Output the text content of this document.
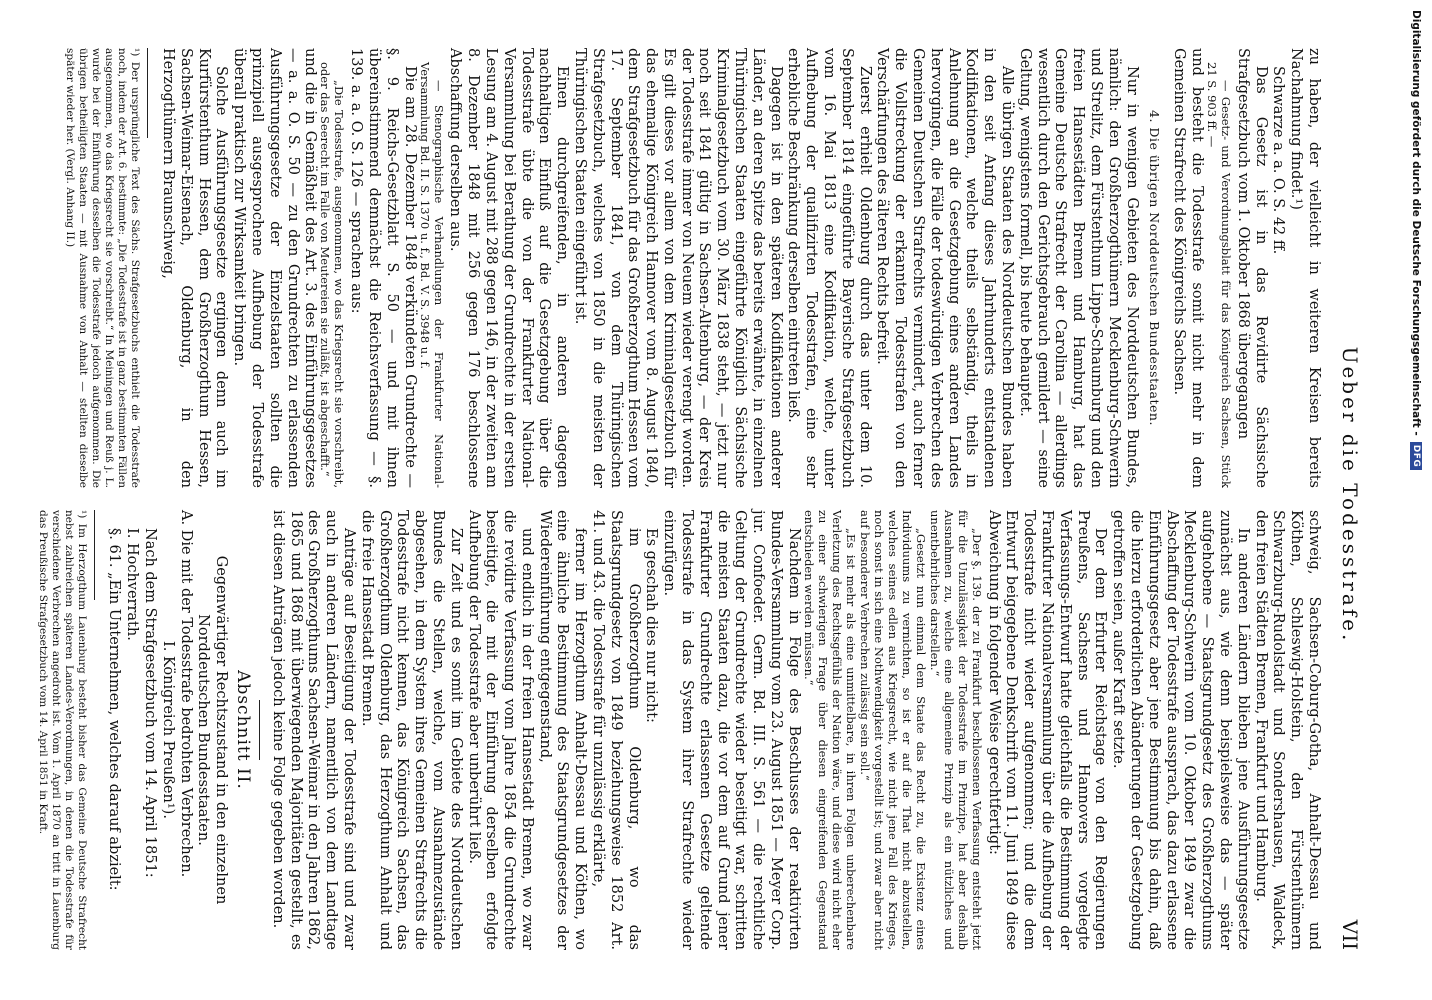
Ueber die Todesstrafe.
VII

zu haben, der vielleicht in weiteren Kreisen bereits Nachahmung findet.¹)

Schwarze a. a. O. S. 42 ff.

Das Gesetz ist in das Revidirte Sächsische Strafgesetzbuch vom 1. Oktober 1868 übergegangen

— Gesetz- und Verordnungsblatt für das Königreich Sachsen, Stück 21 S. 903 ff. —

und besteht die Todesstrafe somit nicht mehr in dem Gemeinen Strafrecht des Königreichs Sachsen.

4. Die übrigen Norddeutschen Bundesstaaten.

Nur in wenigen Gebieten des Norddeutschen Bundes, nämlich: den Großherzogthümern Mecklenburg-Schwerin und Strelitz, dem Fürstenthum Lippe-Schaumburg und den freien Hansestädten Bremen und Hamburg, hat das Gemeine Deutsche Strafrecht der Carolina — allerdings wesentlich durch den Gerichtsgebrauch gemildert — seine Geltung, wenigstens formell, bis heute behauptet.

Alle übrigen Staaten des Norddeutschen Bundes haben in den seit Anfang dieses Jahrhunderts entstandenen Kodifikationen, welche theils selbständig, theils in Anlehnung an die Gesetzgebung eines anderen Landes hervorgingen, die Fälle der todeswürdigen Verbrechen des Gemeinen Deutschen Strafrechts vermindert, auch ferner die Vollstreckung der erkannten Todesstrafen von den Verschärfungen des älteren Rechts befreit.

Zuerst erhielt Oldenburg durch das unter dem 10. September 1814 eingeführte Bayerische Strafgesetzbuch vom 16. Mai 1813 eine Kodifikation, welche, unter Aufhebung der qualifizirten Todesstrafen, eine sehr erhebliche Beschränkung derselben eintreten ließ.

Dagegen ist in den späteren Kodifikationen anderer Länder, an deren Spitze das bereits erwähnte, in einzelnen Thüringischen Staaten eingeführte Königlich Sächsische Kriminalgesetzbuch vom 30. März 1838 steht, — jetzt nur noch seit 1841 gültig in Sachsen-Altenburg, — der Kreis der Todesstrafe immer von Neuem wieder verengt worden. Es gilt dieses vor allem von dem Kriminalgesetzbuch für das ehemalige Königreich Hannover vom 8. August 1840, dem Strafgesetzbuch für das Großherzogthum Hessen vom 17. September 1841, von dem Thüringischen Strafgesetzbuch, welches von 1850 in die meisten der Thüringischen Staaten eingeführt ist.

Einen durchgreifenden, in anderen dagegen nachhaltigen Einfluß auf die Gesetzgebung über die Todesstrafe übte die von der Frankfurter National-Versammlung bei Berathung der Grundrechte in der ersten Lesung am 4. August mit 288 gegen 146, in der zweiten am 8. Dezember 1848 mit 256 gegen 176 beschlossene Abschaffung derselben aus.

— Stenographische Verhandlungen der Frankfurter National-Versammlung Bd. II. S. 1370 u. f., Bd. V. S. 3948 u. f.

Die am 28. Dezember 1848 verkündeten Grundrechte — §. 9. Reichs-Gesetzblatt S. 50 — und mit ihnen übereinstimmend demnächst die Reichsverfassung — §. 139. a. a. O. S. 126 — sprachen aus:

„Die Todesstrafe, ausgenommen, wo das Kriegsrecht sie vorschreibt, oder das Seerecht im Falle von Meutereien sie zuläßt, ist abgeschafft.“

und die in Gemäßheit des Art. 3. des Einführungsgesetzes — a. a. O. S. 50 — zu den Grundrechten zu erlassenden Ausführungsgesetze der Einzelstaaten sollten die prinzipiell ausgesprochene Aufhebung der Todesstrafe überall praktisch zur Wirksamkeit bringen.

Solche Ausführungsgesetze ergingen denn auch im Kurfürstenthum Hessen, dem Großherzogthum Hessen, Sachsen-Weimar-Eisenach, Oldenburg, in den Herzogthümern Braunschweig,

¹) Der ursprüngliche Text des Sächs. Strafgesetzbuchs enthielt die Todesstrafe noch, indem der Art. 6. bestimmte: „Die Todesstrafe ist in ganz bestimmten Fällen ausgenommen, wo das Kriegsrecht sie vorschreibt.“ In Meiningen und Reuß j. L. wurde bei der Einführung desselben die Todesstrafe jedoch aufgenommen. Die übrigen betheiligten Staaten — mit Ausnahme von Anhalt — stellten dieselbe später wieder her. (Vergl. Anhang II.)

schweig, Sachsen-Coburg-Gotha, Anhalt-Dessau und Köthen, Schleswig-Holstein, den Fürstenthümern Schwarzburg-Rudolstadt und Sondershausen, Waldeck, den freien Städten Bremen, Frankfurt und Hamburg.

In anderen Ländern blieben jene Ausführungsgesetze zunächst aus, wie denn beispielsweise das — später aufgehobene — Staatsgrundgesetz des Großherzogthums Mecklenburg-Schwerin vom 10. Oktober 1849 zwar die Abschaffung der Todesstrafe aussprach, das dazu erlassene Einführungsgesetz aber jene Bestimmung bis dahin, daß die hierzu erforderlichen Abänderungen der Gesetzgebung getroffen seien, außer Kraft setzte.

Der dem Erfurter Reichstage von den Regierungen Preußens, Sachsens und Hannovers vorgelegte Verfassungs-Entwurf hatte gleichfalls die Bestimmung der Frankfurter Nationalversammlung über die Aufhebung der Todesstrafe nicht wieder aufgenommen; und die dem Entwurf beigegebene Denkschrift vom 11. Juni 1849 diese Abweichung in folgender Weise gerechtfertigt:

„Der §. 139. der zu Frankfurt beschlossenen Verfassung entsteht jetzt für die Unzulässigkeit der Todesstrafe im Prinzipe, hat aber deshalb Ausnahmen zu, welche eine allgemeine Prinzip als ein nützliches und unentbehrliches darstellen.“

„Gesetzt nun einmal dem Staate das Recht zu, die Existenz eines Individuums zu vernichten, so ist er auf die That nicht abzustellen, welches seines edlen aus Kriegsrecht, wie nicht jene Fall des Krieges, noch sonst in sich eine Nothwendigkeit vorgestellt ist; und zwar aber nicht auf besonderer Verbrechen zulässig sein soll.“

„Es ist mehr als eine unmittelbare, in ihren Folgen unberechenbare Verletzung des Rechtsgefühls der Nation wäre, und diese wird nicht eher zu einer schwierigen Frage über diesen eingreifenden Gegenstand entschieden werden müssen.“

Nachdem in Folge des Beschlusses der reaktivirten Bundes-Versammlung vom 23. August 1851 — Meyer Corp. jur. Confoeder. Germ. Bd. III. S. 561 — die rechtliche Geltung der Grundrechte wieder beseitigt war, schritten die meisten Staaten dazu, die vor dem auf Grund jener Frankfurter Grundrechte erlassenen Gesetze geltende Todesstrafe in das System ihrer Strafrechte wieder einzufügen.

Es geschah dies nur nicht:

im Großherzogthum Oldenburg, wo das Staatsgrundgesetz von 1849 beziehungsweise 1852 Art. 41. und 43. die Todesstrafe für unzulässig erklärte,

ferner im Herzogthum Anhalt-Dessau und Köthen, wo eine ähnliche Bestimmung des Staatsgrundgesetzes der Wiedereinführung entgegenstand,

und endlich in der freien Hansestadt Bremen, wo zwar die revidirte Verfassung vom Jahre 1854 die Grundrechte beseitigte, die mit der Einführung derselben erfolgte Aufhebung der Todesstrafe aber unberührt ließ.

Zur Zeit und es somit im Gebiete des Norddeutschen Bundes die Stellen, welche, vom Ausnahmezustände abgesehen, in dem System ihres Gemeinen Strafrechts die Todesstrafe nicht kennen, das Königreich Sachsen, das Großherzogthum Oldenburg, das Herzogthum Anhalt und die freie Hansestadt Bremen.

Anträge auf Beseitigung der Todesstrafe sind und zwar auch in anderen Ländern, namentlich von dem Landtage des Großherzogthums Sachsen-Weimar in den Jahren 1862, 1865 und 1868 mit überwiegenden Majoritäten gestellt, es ist diesen Anträgen jedoch keine Folge gegeben worden.

Abschnitt II.

Gegenwärtiger Rechtszustand in den einzelnen Norddeutschen Bundesstaaten.

A. Die mit der Todesstrafe bedrohten Verbrechen.

I. Königreich Preußen¹).

Nach dem Strafgesetzbuch vom 14. April 1851:

I. Hochverrath.

§. 61. „Ein Unternehmen, welches darauf abzielt:

¹) Im Herzogthum Lauenburg besteht bisher das Gemeine Deutsche Strafrecht nebst zahlreichen späteren Landes-Verordnungen, in denen die Todesstrafe für verschiedene Verbrechen angedroht ist. Vom 1. April 1870 an tritt in Lauenburg das Preußische Strafgesetzbuch vom 14. April 1851 in Kraft.

Digitalisierung gefördert durch die Deutsche Forschungsgemeinschaft -
DFG
